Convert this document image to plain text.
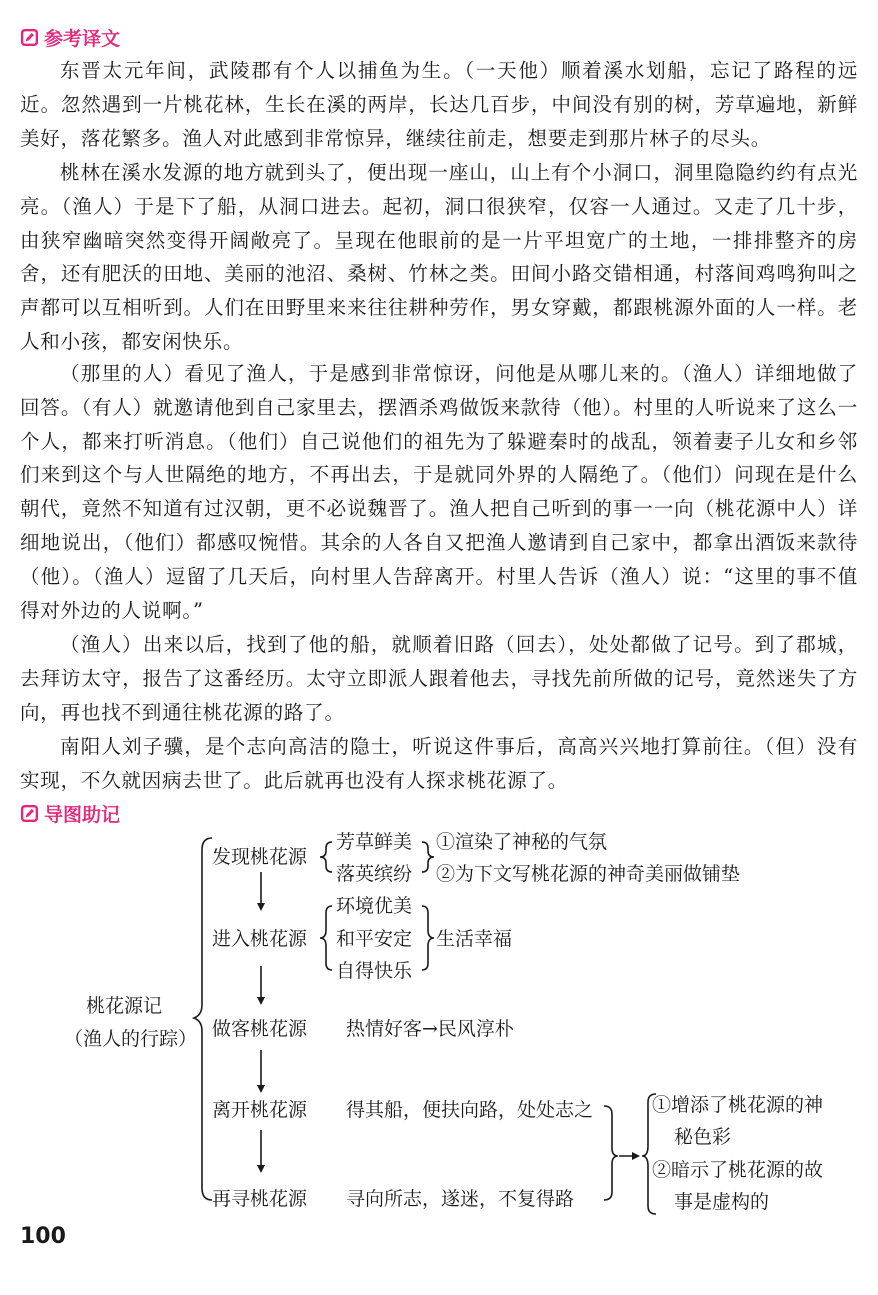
参考译文

东晋太元年间，武陵郡有个人以捕鱼为生。（一天他）顺着溪水划船，忘记了路程的远近。忽然遇到一片桃花林，生长在溪的两岸，长达几百步，中间没有别的树，芳草遍地，新鲜美好，落花繁多。渔人对此感到非常惊异，继续往前走，想要走到那片林子的尽头。

桃林在溪水发源的地方就到头了，便出现一座山，山上有个小洞口，洞里隐隐约约有点光亮。（渔人）于是下了船，从洞口进去。起初，洞口很狭窄，仅容一人通过。又走了几十步，由狭窄幽暗突然变得开阔敞亮了。呈现在他眼前的是一片平坦宽广的土地，一排排整齐的房舍，还有肥沃的田地、美丽的池沼、桑树、竹林之类。田间小路交错相通，村落间鸡鸣狗叫之声都可以互相听到。人们在田野里来来往往耕种劳作，男女穿戴，都跟桃源外面的人一样。老人和小孩，都安闲快乐。

（那里的人）看见了渔人，于是感到非常惊讶，问他是从哪儿来的。（渔人）详细地做了回答。（有人）就邀请他到自己家里去，摆酒杀鸡做饭来款待（他）。村里的人听说来了这么一个人，都来打听消息。（他们）自己说他们的祖先为了躲避秦时的战乱，领着妻子儿女和乡邻们来到这个与人世隔绝的地方，不再出去，于是就同外界的人隔绝了。（他们）问现在是什么朝代，竟然不知道有过汉朝，更不必说魏晋了。渔人把自己听到的事一一向（桃花源中人）详细地说出，（他们）都感叹惋惜。其余的人各自又把渔人邀请到自己家中，都拿出酒饭来款待（他）。（渔人）逗留了几天后，向村里人告辞离开。村里人告诉（渔人）说：“这里的事不值得对外边的人说啊。”

（渔人）出来以后，找到了他的船，就顺着旧路（回去），处处都做了记号。到了郡城，去拜访太守，报告了这番经历。太守立即派人跟着他去，寻找先前所做的记号，竟然迷失了方向，再也找不到通往桃花源的路了。

南阳人刘子骥，是个志向高洁的隐士，听说这件事后，高高兴兴地打算前往。（但）没有实现，不久就因病去世了。此后就再也没有人探求桃花源了。

导图助记
桃花源记
（渔人的行踪）
发现桃花源
进入桃花源
做客桃花源
离开桃花源
再寻桃花源
芳草鲜美
落英缤纷
①渲染了神秘的气氛
②为下文写桃花源的神奇美丽做铺垫
环境优美
和平安定
自得快乐
生活幸福
热情好客→民风淳朴
得其船，便扶向路，处处志之
寻向所志，遂迷，不复得路
①增添了桃花源的神
秘色彩
②暗示了桃花源的故
事是虚构的
100
